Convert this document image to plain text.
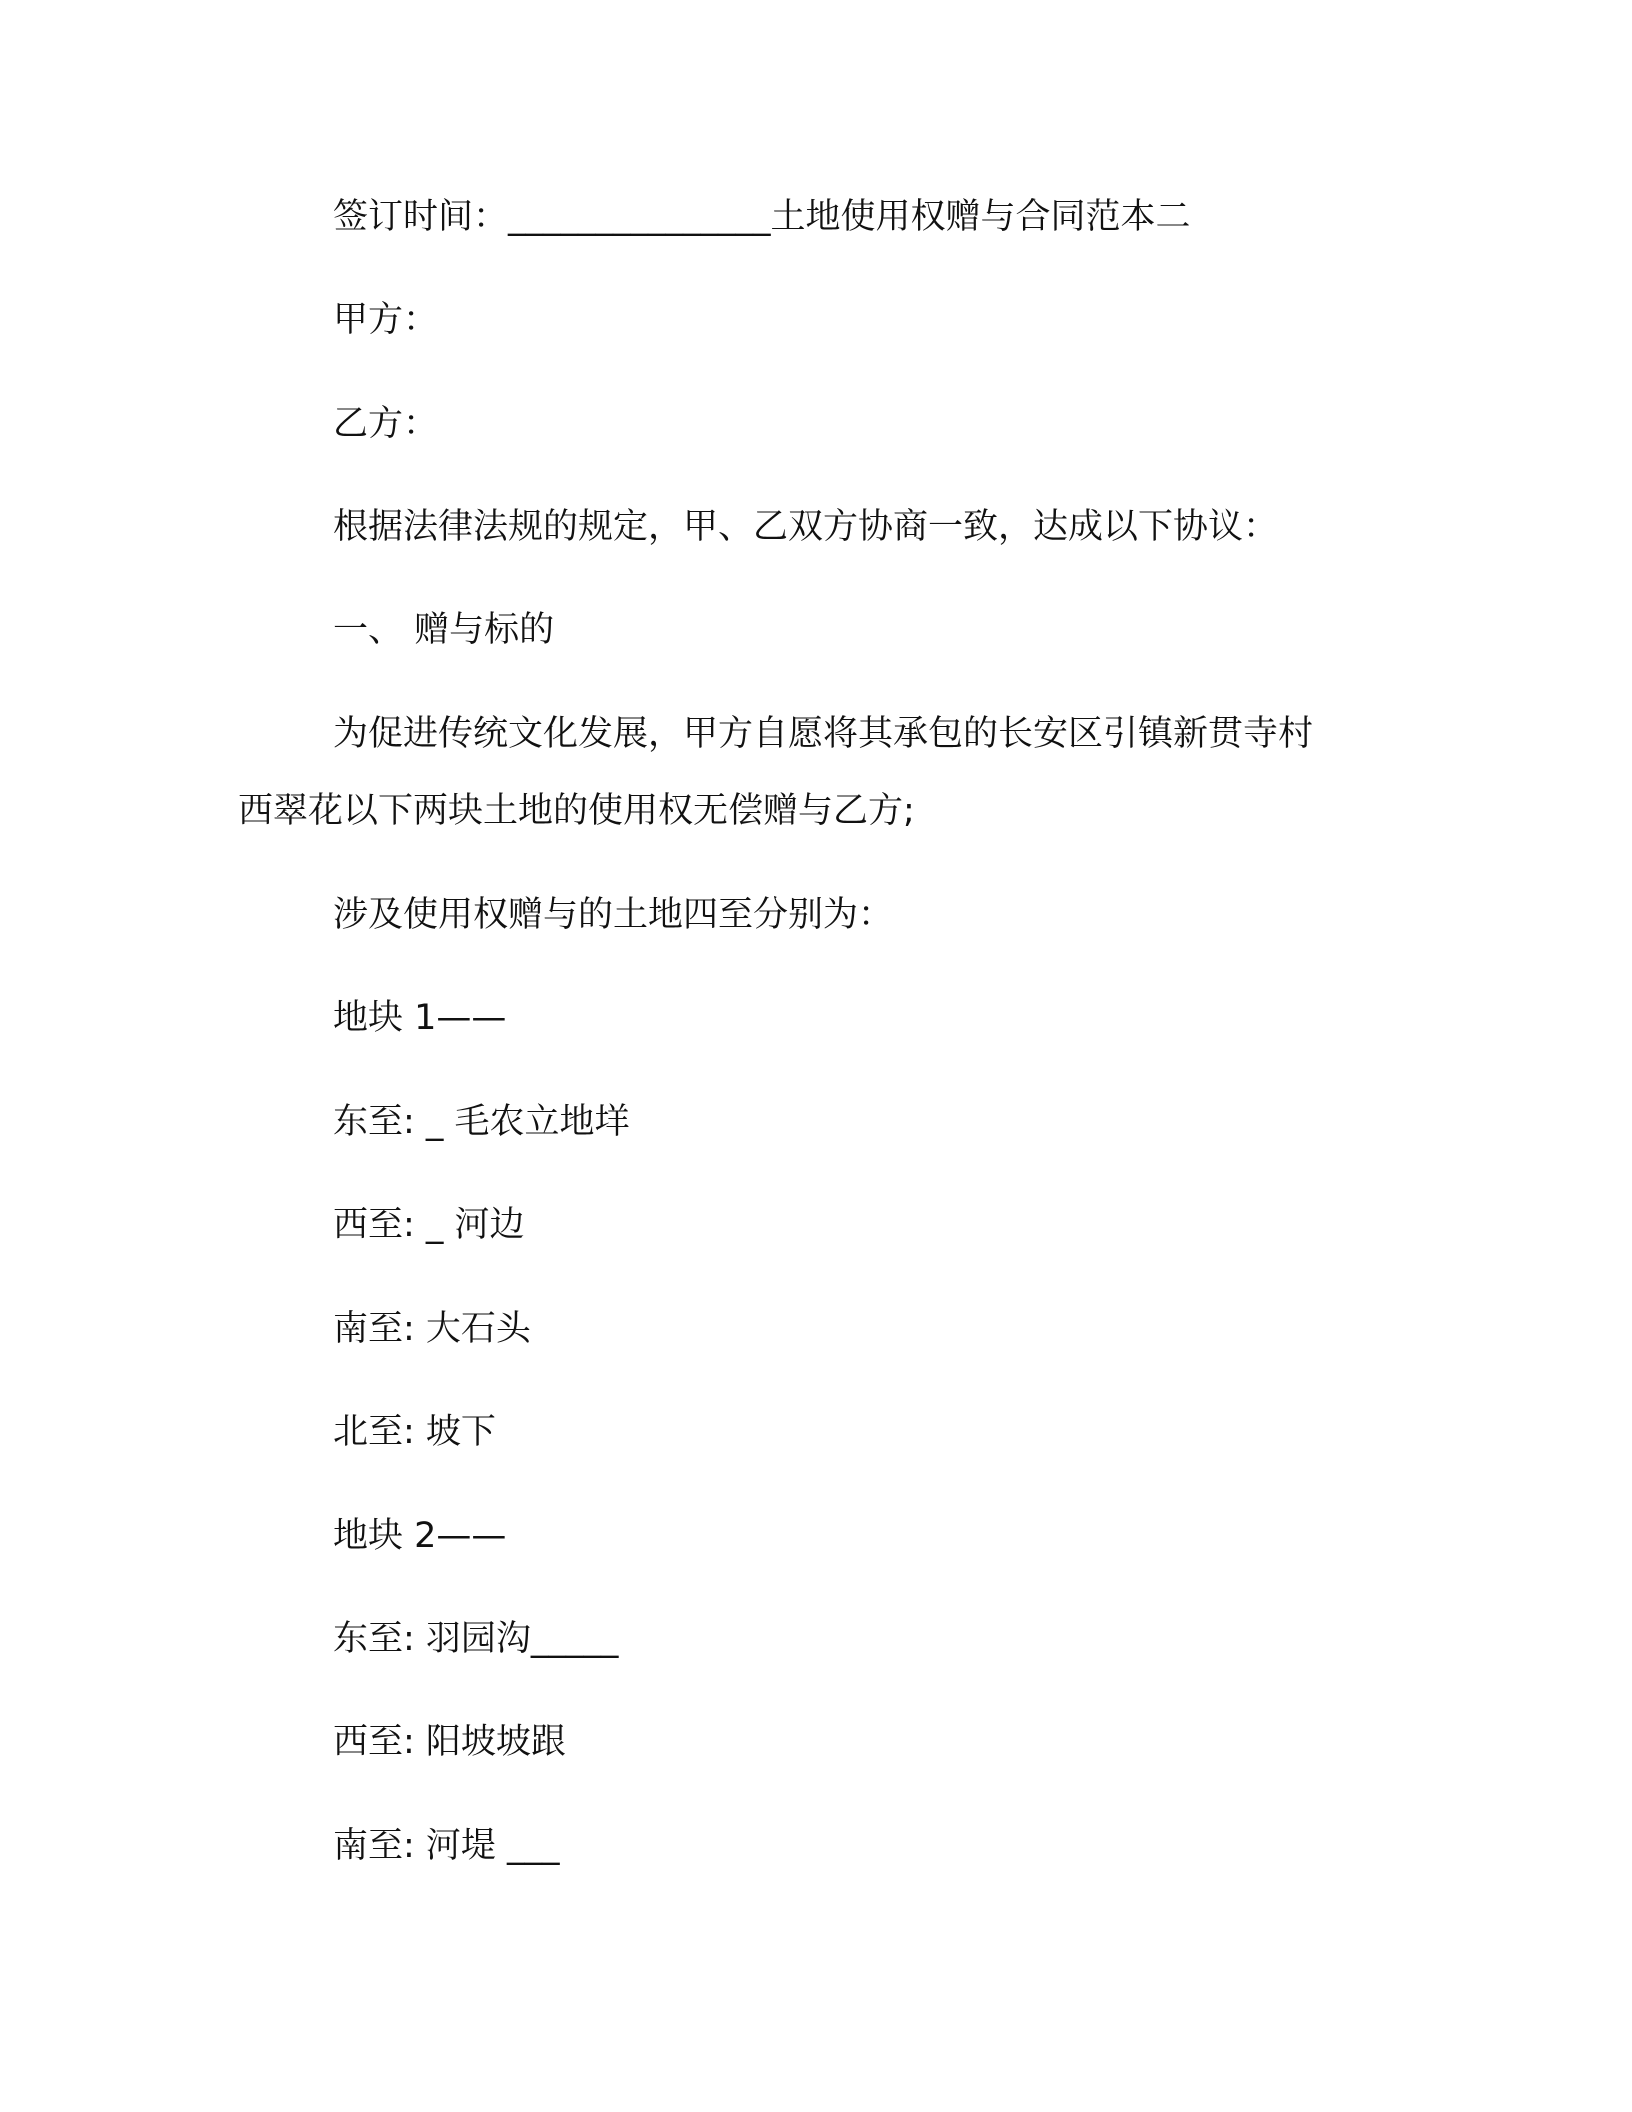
签订时间：_______________土地使用权赠与合同范本二

甲方：

乙方：

根据法律法规的规定，甲、乙双方协商一致，达成以下协议：

一、 赠与标的

为促进传统文化发展，甲方自愿将其承包的长安区引镇新贯寺村

西翠花以下两块土地的使用权无偿赠与乙方;

涉及使用权赠与的土地四至分别为：

地块 1——

东至: _ 毛农立地垟

西至: _ 河边

南至: 大石头

北至: 坡下

地块 2——

东至: 羽园沟_____

西至: 阳坡坡跟

南至: 河堤 ___
